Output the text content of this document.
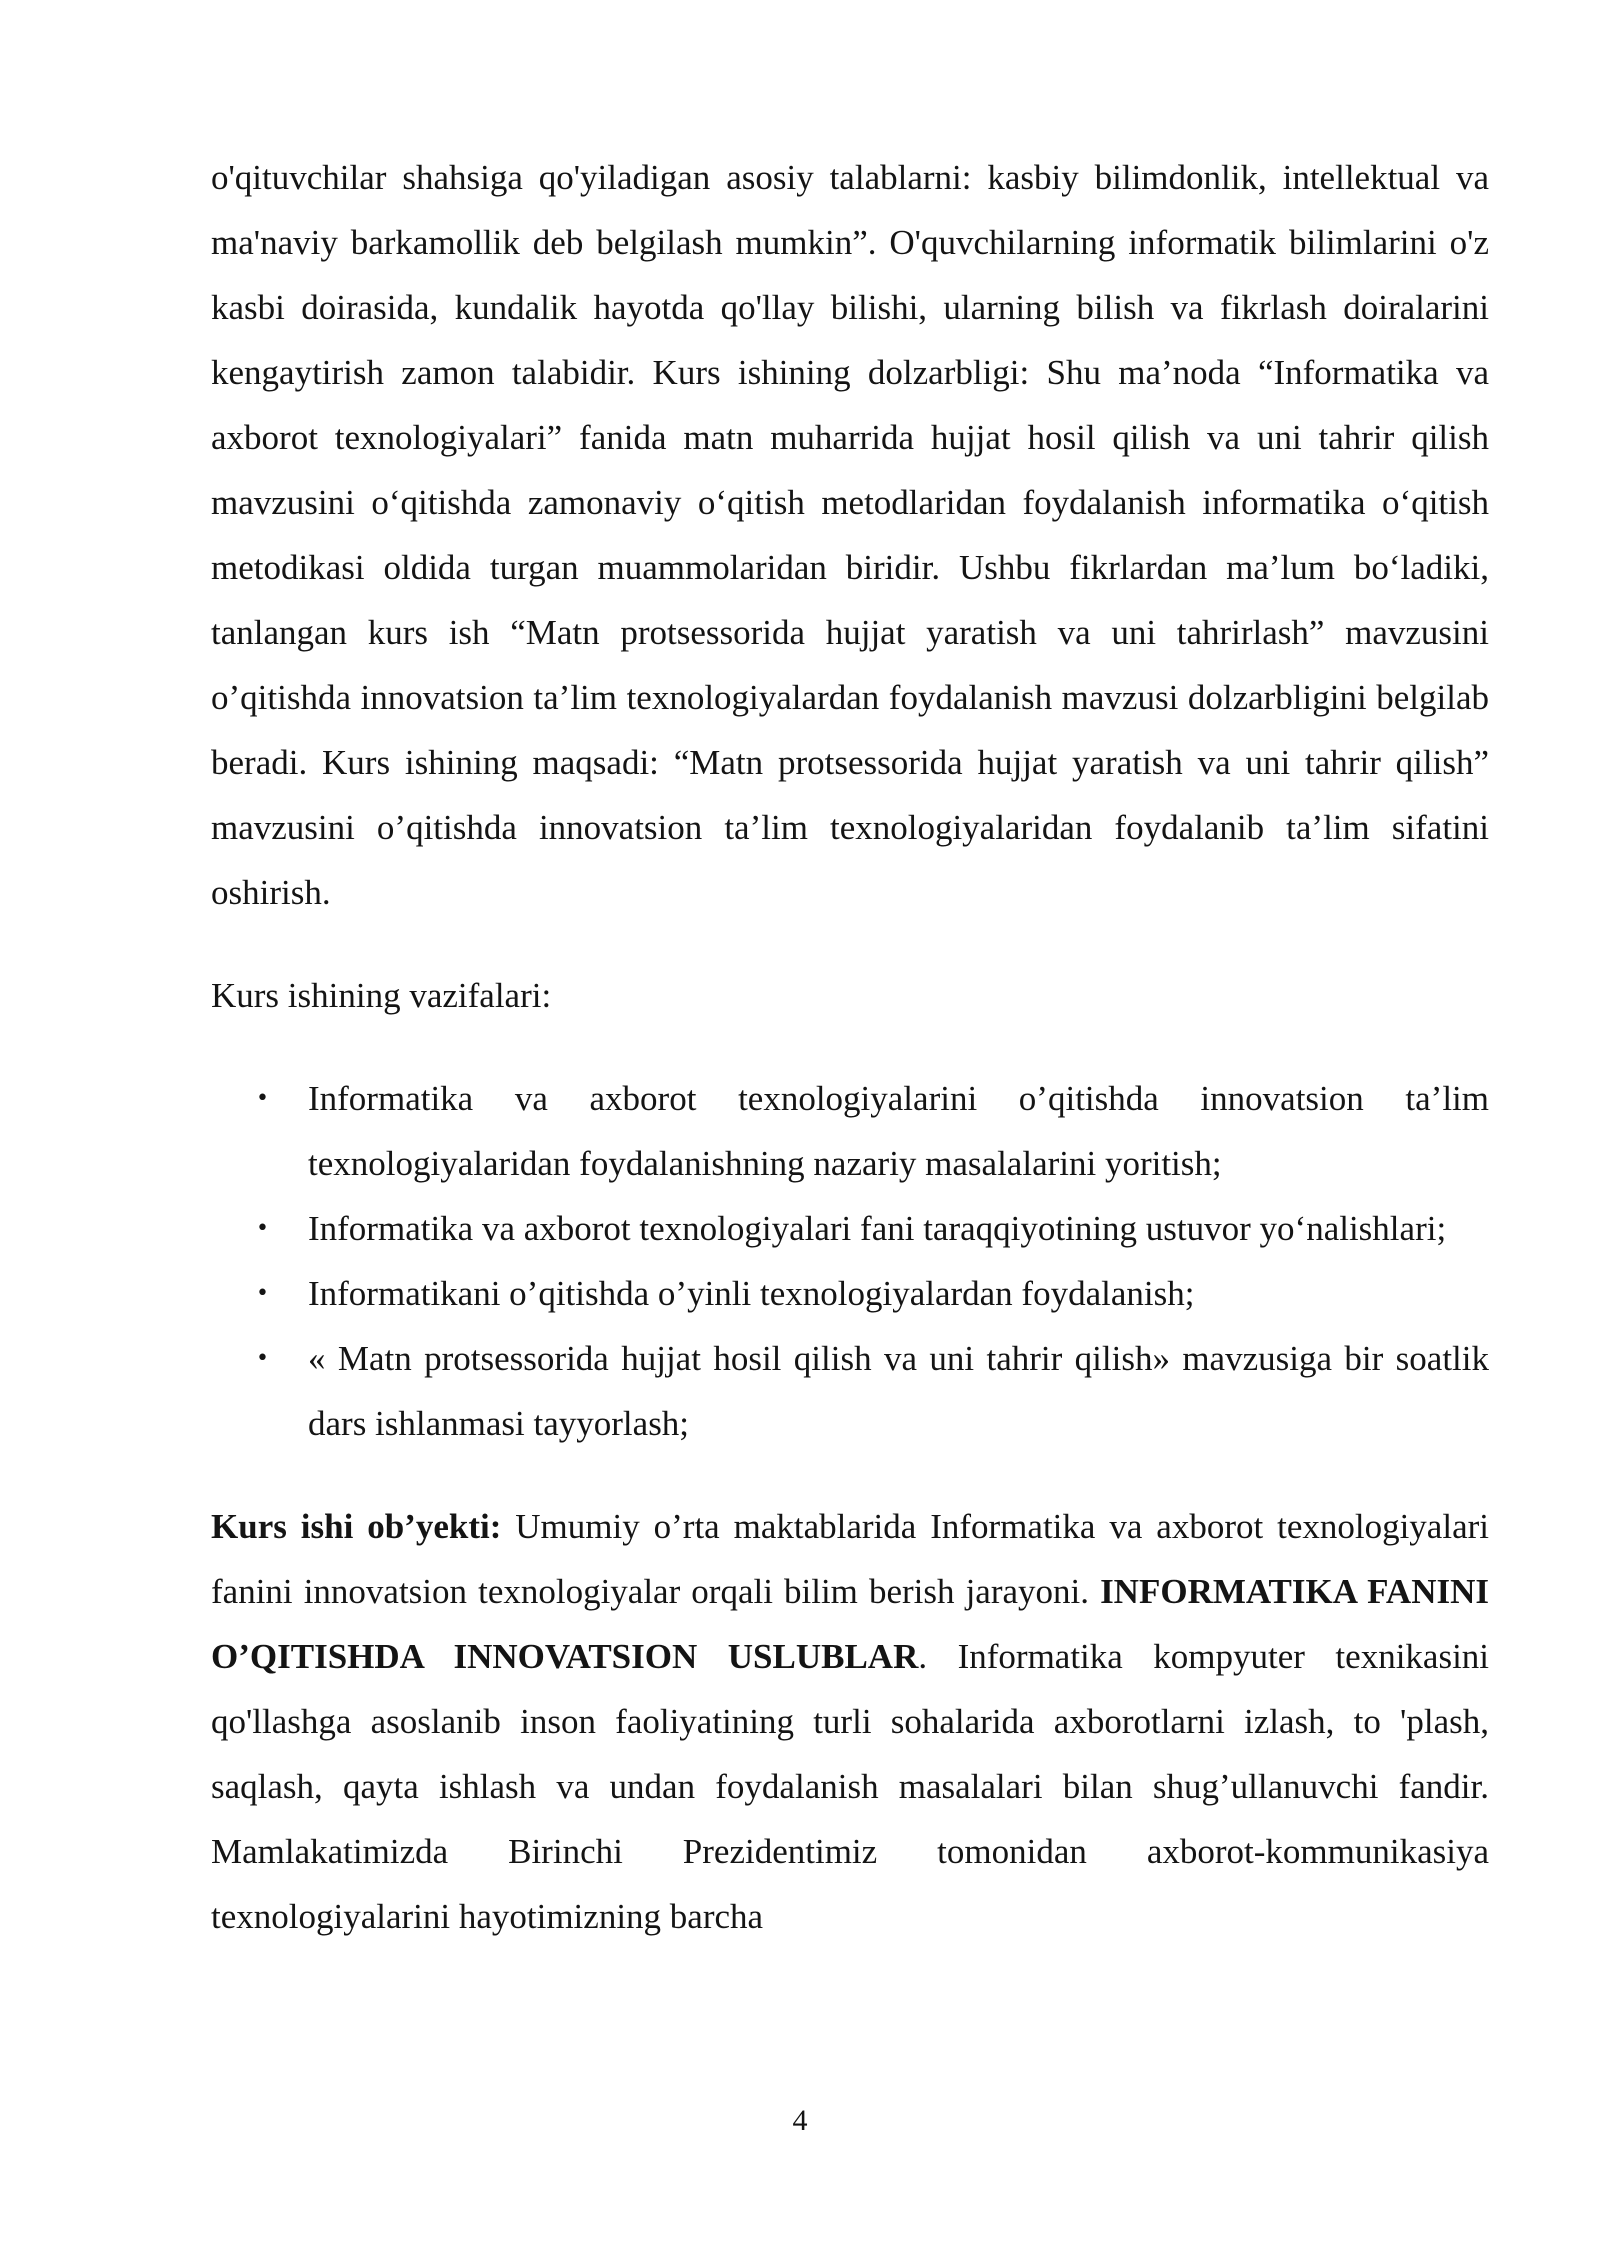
o'qituvchilar shahsiga qo'yiladigan asosiy talablarni: kasbiy bilimdonlik, intellektual va ma'naviy barkamollik deb belgilash mumkin”. O'quvchilarning informatik bilimlarini o'z kasbi doirasida, kundalik hayotda qo'llay bilishi, ularning bilish va fikrlash doiralarini kengaytirish zamon talabidir. Kurs ishining dolzarbligi: Shu ma’noda “Informatika va axborot texnologiyalari” fanida matn muharrida hujjat hosil qilish va uni tahrir qilish mavzusini o‘qitishda zamonaviy o‘qitish metodlaridan foydalanish informatika o‘qitish metodikasi oldida turgan muammolaridan biridir. Ushbu fikrlardan ma’lum bo‘ladiki, tanlangan kurs ish “Matn protsessorida hujjat yaratish va uni tahrirlash” mavzusini o’qitishda innovatsion ta’lim texnologiyalardan foydalanish mavzusi dolzarbligini belgilab beradi. Kurs ishining maqsadi: “Matn protsessorida hujjat yaratish va uni tahrir qilish” mavzusini o’qitishda innovatsion ta’lim texnologiyalaridan foydalanib ta’lim sifatini oshirish.

Kurs ishining vazifalari:

• Informatika va axborot texnologiyalarini o’qitishda innovatsion ta’lim texnologiyalaridan foydalanishning nazariy masalalarini yoritish;
• Informatika va axborot texnologiyalari fani taraqqiyotining ustuvor yo‘nalishlari;
• Informatikani o’qitishda o’yinli texnologiyalardan foydalanish;
• « Matn protsessorida hujjat hosil qilish va uni tahrir qilish» mavzusiga bir soatlik dars ishlanmasi tayyorlash;

Kurs ishi ob’yekti: Umumiy o’rta maktablarida Informatika va axborot texnologiyalari fanini innovatsion texnologiyalar orqali bilim berish jarayoni. INFORMATIKA FANINI O’QITISHDA INNOVATSION USLUBLAR. Informatika kompyuter texnikasini qo'llashga asoslanib inson faoliyatining turli sohalarida axborotlarni izlash, to 'plash, saqlash, qayta ishlash va undan foydalanish masalalari bilan shug’ullanuvchi fandir. Mamlakatimizda Birinchi Prezidentimiz tomonidan axborot-kommunikasiya texnologiyalarini hayotimizning barcha

4
